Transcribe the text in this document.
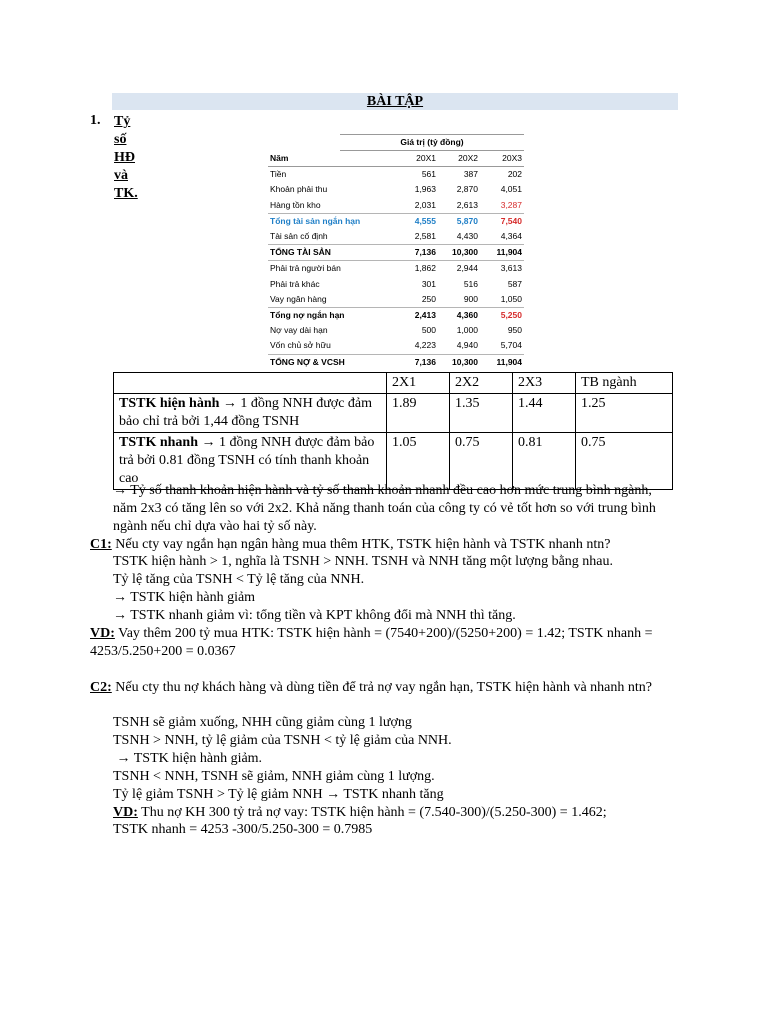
BÀI TẬP
1. Tỷ số HĐ và TK.
Giá trị (tỷ đồng)
Năm	20X1	20X2	20X3
Tiền	561	387	202
Khoản phải thu	1,963	2,870	4,051
Hàng tồn kho	2,031	2,613	3,287
Tổng tài sản ngắn hạn	4,555	5,870	7,540
Tài sản cố định	2,581	4,430	4,364
TỔNG TÀI SẢN	7,136	10,300	11,904
Phải trả người bán	1,862	2,944	3,613
Phải trả khác	301	516	587
Vay ngân hàng	250	900	1,050
Tổng nợ ngắn hạn	2,413	4,360	5,250
Nợ vay dài hạn	500	1,000	950
Vốn chủ sở hữu	4,223	4,940	5,704
TỔNG NỢ & VCSH	7,136	10,300	11,904
	2X1	2X2	2X3	TB ngành
TSTK hiện hành → 1 đồng NNH được đảm bảo chỉ trả bởi 1,44 đồng TSNH	1.89	1.35	1.44	1.25
TSTK nhanh → 1 đồng NNH được đảm bảo trả bởi 0.81 đồng TSNH có tính thanh khoản cao	1.05	0.75	0.81	0.75
→ Tỷ số thanh khoản hiện hành và tỷ số thanh khoản nhanh đều cao hơn mức trung bình ngành, năm 2x3 có tăng lên so với 2x2. Khả năng thanh toán của công ty có vẻ tốt hơn so với trung bình ngành nếu chỉ dựa vào hai tỷ số này.
C1: Nếu cty vay ngắn hạn ngân hàng mua thêm HTK, TSTK hiện hành và TSTK nhanh ntn?
TSTK hiện hành > 1, nghĩa là TSNH > NNH. TSNH và NNH tăng một lượng bằng nhau.
Tỷ lệ tăng của TSNH < Tỷ lệ tăng của NNH.
→ TSTK hiện hành giảm
→ TSTK nhanh giảm vì: tổng tiền và KPT không đổi mà NNH thì tăng.
VD: Vay thêm 200 tỷ mua HTK: TSTK hiện hành = (7540+200)/(5250+200) = 1.42; TSTK nhanh = 4253/5.250+200 = 0.0367
C2: Nếu cty thu nợ khách hàng và dùng tiền để trả nợ vay ngắn hạn, TSTK hiện hành và nhanh ntn?
TSNH sẽ giảm xuống, NHH cũng giảm cùng 1 lượng
TSNH > NNH, tỷ lệ giảm của TSNH < tỷ lệ giảm của NNH.
→ TSTK hiện hành giảm.
TSNH < NNH, TSNH sẽ giảm, NNH giảm cùng 1 lượng.
Tỷ lệ giảm TSNH > Tỷ lệ giảm NNH → TSTK nhanh tăng
VD: Thu nợ KH 300 tỷ trả nợ vay: TSTK hiện hành = (7.540-300)/(5.250-300) = 1.462;
TSTK nhanh = 4253 -300/5.250-300 = 0.7985
